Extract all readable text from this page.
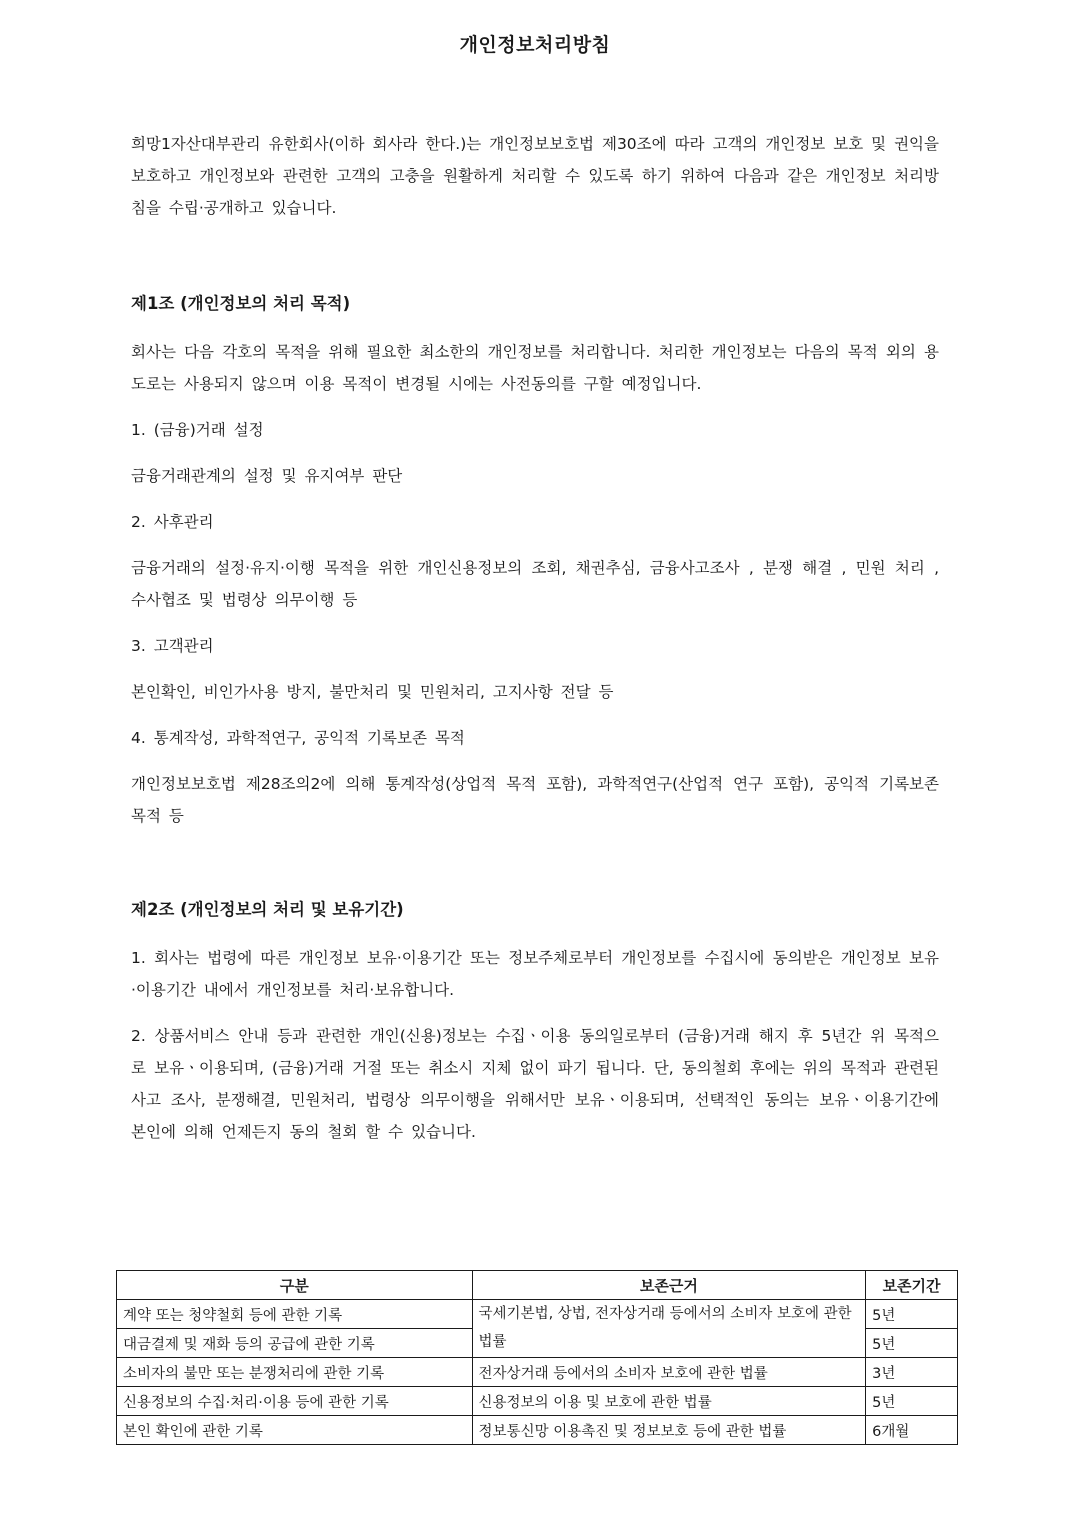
개인정보처리방침

희망1자산대부관리 유한회사(이하 회사라 한다.)는 개인정보보호법 제30조에 따라 고객의 개인정보 보호 및 권익을 보호하고 개인정보와 관련한 고객의 고충을 원활하게 처리할 수 있도록 하기 위하여 다음과 같은 개인정보 처리방침을 수립·공개하고 있습니다.

제1조 (개인정보의 처리 목적)

회사는 다음 각호의 목적을 위해 필요한 최소한의 개인정보를 처리합니다. 처리한 개인정보는 다음의 목적 외의 용도로는 사용되지 않으며 이용 목적이 변경될 시에는 사전동의를 구할 예정입니다.

1. (금융)거래 설정

금융거래관계의 설정 및 유지여부 판단

2. 사후관리

금융거래의 설정·유지·이행 목적을 위한 개인신용정보의 조회, 채권추심, 금융사고조사 , 분쟁 해결 , 민원 처리 , 수사협조 및 법령상 의무이행 등

3. 고객관리

본인확인, 비인가사용 방지, 불만처리 및 민원처리, 고지사항 전달 등

4. 통계작성, 과학적연구, 공익적 기록보존 목적

개인정보보호법 제28조의2에 의해 통계작성(상업적 목적 포함), 과학적연구(산업적 연구 포함), 공익적 기록보존 목적 등

제2조 (개인정보의 처리 및 보유기간)

1. 회사는 법령에 따른 개인정보 보유·이용기간 또는 정보주체로부터 개인정보를 수집시에 동의받은 개인정보 보유·이용기간 내에서 개인정보를 처리·보유합니다.

2. 상품서비스 안내 등과 관련한 개인(신용)정보는 수집ㆍ이용 동의일로부터 (금융)거래 해지 후 5년간 위 목적으로 보유ㆍ이용되며, (금융)거래 거절 또는 취소시 지체 없이 파기 됩니다. 단, 동의철회 후에는 위의 목적과 관련된 사고 조사, 분쟁해결, 민원처리, 법령상 의무이행을 위해서만 보유ㆍ이용되며, 선택적인 동의는 보유ㆍ이용기간에 본인에 의해 언제든지 동의 철회 할 수 있습니다.

구분	보존근거	보존기간
계약 또는 청약철회 등에 관한 기록	국세기본법, 상법, 전자상거래 등에서의 소비자 보호에 관한 법률	5년
대금결제 및 재화 등의 공급에 관한 기록		5년
소비자의 불만 또는 분쟁처리에 관한 기록	전자상거래 등에서의 소비자 보호에 관한 법률	3년
신용정보의 수집·처리·이용 등에 관한 기록	신용정보의 이용 및 보호에 관한 법률	5년
본인 확인에 관한 기록	정보통신망 이용촉진 및 정보보호 등에 관한 법률	6개월
